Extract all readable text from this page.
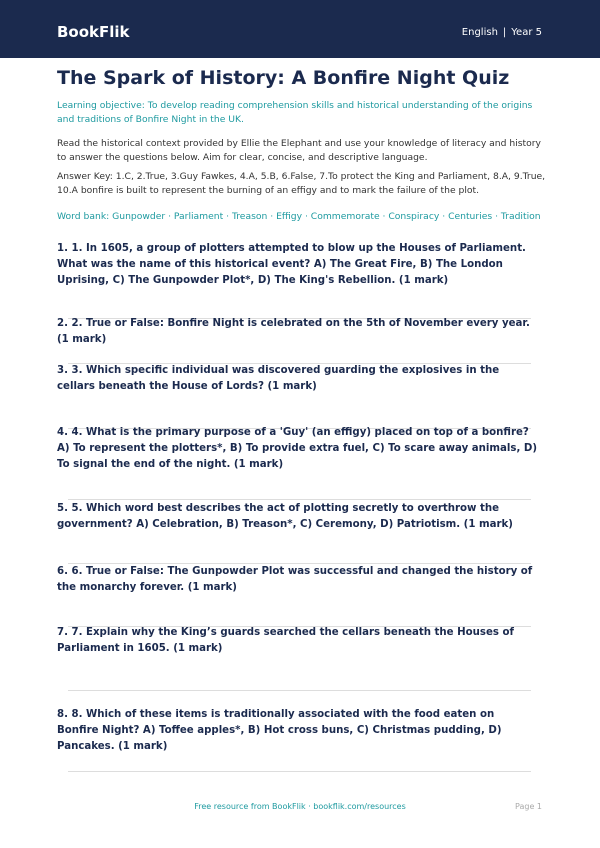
BookFlik	English | Year 5
The Spark of History: A Bonfire Night Quiz
Learning objective: To develop reading comprehension skills and historical understanding of the origins and traditions of Bonfire Night in the UK.
Read the historical context provided by Ellie the Elephant and use your knowledge of literacy and history to answer the questions below. Aim for clear, concise, and descriptive language.
Answer Key: 1.C, 2.True, 3.Guy Fawkes, 4.A, 5.B, 6.False, 7.To protect the King and Parliament, 8.A, 9.True, 10.A bonfire is built to represent the burning of an effigy and to mark the failure of the plot.
Word bank: Gunpowder · Parliament · Treason · Effigy · Commemorate · Conspiracy · Centuries · Tradition
1. 1. In 1605, a group of plotters attempted to blow up the Houses of Parliament. What was the name of this historical event? A) The Great Fire, B) The London Uprising, C) The Gunpowder Plot*, D) The King's Rebellion. (1 mark)
2. 2. True or False: Bonfire Night is celebrated on the 5th of November every year. (1 mark)
3. 3. Which specific individual was discovered guarding the explosives in the cellars beneath the House of Lords? (1 mark)
4. 4. What is the primary purpose of a 'Guy' (an effigy) placed on top of a bonfire? A) To represent the plotters*, B) To provide extra fuel, C) To scare away animals, D) To signal the end of the night. (1 mark)
5. 5. Which word best describes the act of plotting secretly to overthrow the government? A) Celebration, B) Treason*, C) Ceremony, D) Patriotism. (1 mark)
6. 6. True or False: The Gunpowder Plot was successful and changed the history of the monarchy forever. (1 mark)
7. 7. Explain why the King’s guards searched the cellars beneath the Houses of Parliament in 1605. (1 mark)
8. 8. Which of these items is traditionally associated with the food eaten on Bonfire Night? A) Toffee apples*, B) Hot cross buns, C) Christmas pudding, D) Pancakes. (1 mark)
Free resource from BookFlik · bookflik.com/resources	Page 1
